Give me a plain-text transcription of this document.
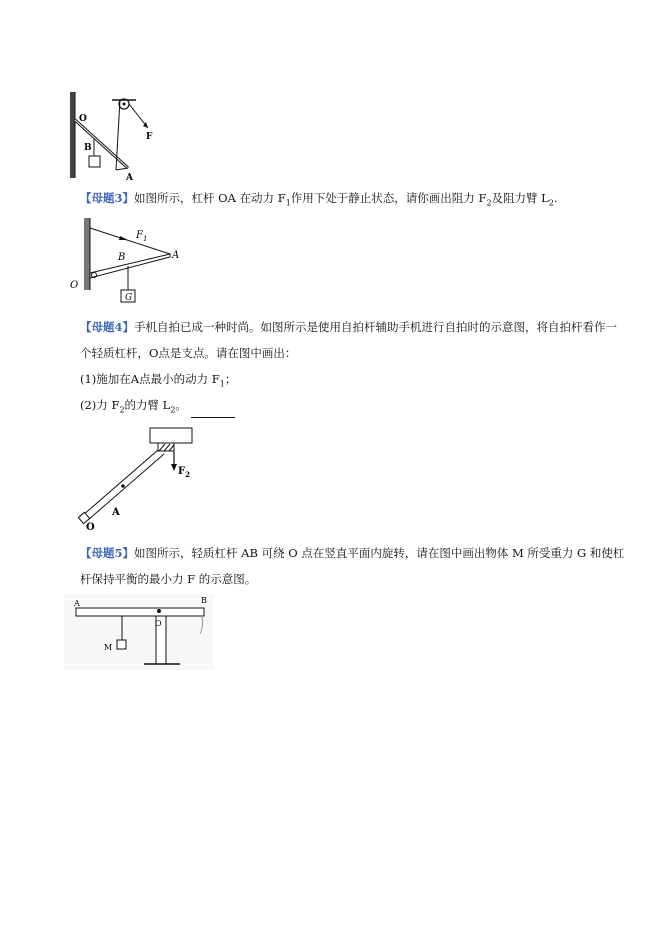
O
B
A
F
【母题3】如图所示，杠杆 OA 在动力 $F_1$作用下处于静止状态，请你画出阻力 $F_2$及阻力臂 $L_2$.
G
O
B	A
$F_1$
【母题4】手机自拍已成一种时尚。如图所示是使用自拍杆辅助手机进行自拍时的示意图，将自拍杆看作一
个轻质杠杆，O点是支点。请在图中画出：
(1)施加在A点最小的动力 $F_1$；
(2)力 $F_2$的力臂 $L_2$。
$F_2$
A
O
【母题5】如图所示，轻质杠杆 AB 可绕 O 点在竖直平面内旋转，请在图中画出物体 M 所受重力 G 和使杠
杆保持平衡的最小力 F 的示意图。
A	B
O
M
